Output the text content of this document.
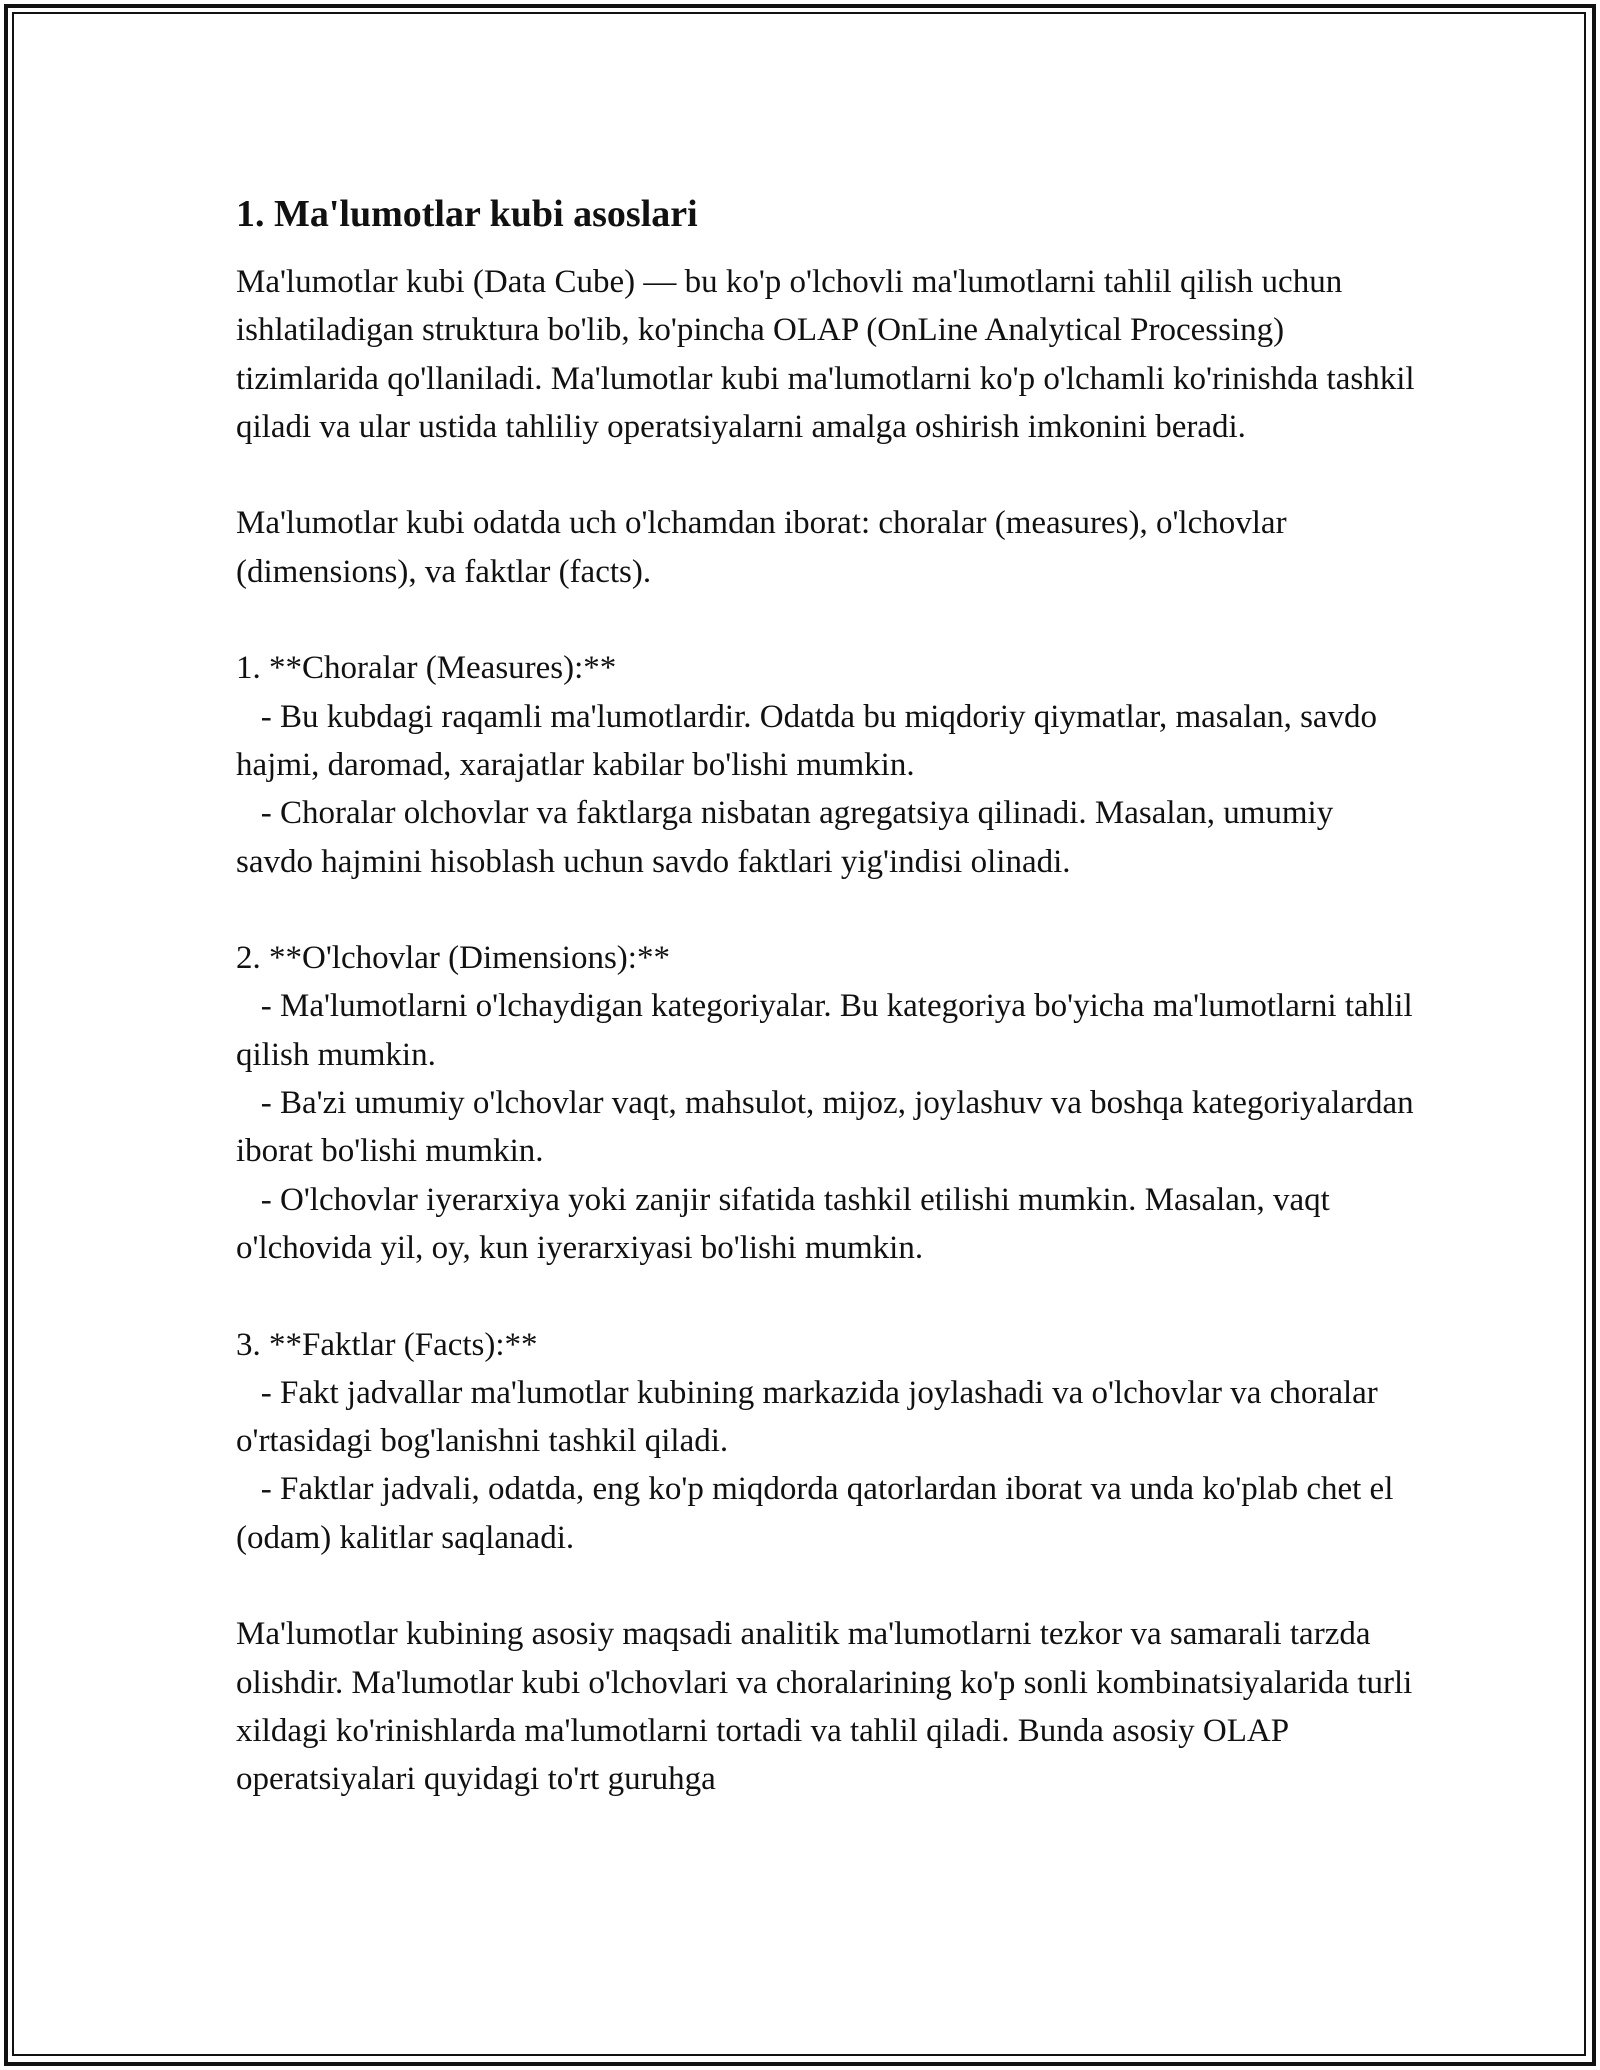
1. Ma'lumotlar kubi asoslari

Ma'lumotlar kubi (Data Cube) — bu ko'p o'lchovli ma'lumotlarni tahlil qilish uchun ishlatiladigan struktura bo'lib, ko'pincha OLAP (OnLine Analytical Processing) tizimlarida qo'llaniladi. Ma'lumotlar kubi ma'lumotlarni ko'p o'lchamli ko'rinishda tashkil qiladi va ular ustida tahliliy operatsiyalarni amalga oshirish imkonini beradi.

Ma'lumotlar kubi odatda uch o'lchamdan iborat: choralar (measures), o'lchovlar (dimensions), va faktlar (facts).

1. **Choralar (Measures):**

- Bu kubdagi raqamli ma'lumotlardir. Odatda bu miqdoriy qiymatlar, masalan, savdo hajmi, daromad, xarajatlar kabilar bo'lishi mumkin.

- Choralar olchovlar va faktlarga nisbatan agregatsiya qilinadi. Masalan, umumiy savdo hajmini hisoblash uchun savdo faktlari yig'indisi olinadi.

2. **O'lchovlar (Dimensions):**

- Ma'lumotlarni o'lchaydigan kategoriyalar. Bu kategoriya bo'yicha ma'lumotlarni tahlil qilish mumkin.

- Ba'zi umumiy o'lchovlar vaqt, mahsulot, mijoz, joylashuv va boshqa kategoriyalardan iborat bo'lishi mumkin.

- O'lchovlar iyerarxiya yoki zanjir sifatida tashkil etilishi mumkin. Masalan, vaqt o'lchovida yil, oy, kun iyerarxiyasi bo'lishi mumkin.

3. **Faktlar (Facts):**

- Fakt jadvallar ma'lumotlar kubining markazida joylashadi va o'lchovlar va choralar o'rtasidagi bog'lanishni tashkil qiladi.

- Faktlar jadvali, odatda, eng ko'p miqdorda qatorlardan iborat va unda ko'plab chet el (odam) kalitlar saqlanadi.

Ma'lumotlar kubining asosiy maqsadi analitik ma'lumotlarni tezkor va samarali tarzda olishdir. Ma'lumotlar kubi o'lchovlari va choralarining ko'p sonli kombinatsiyalarida turli xildagi ko'rinishlarda ma'lumotlarni tortadi va tahlil qiladi. Bunda asosiy OLAP operatsiyalari quyidagi to'rt guruhga
